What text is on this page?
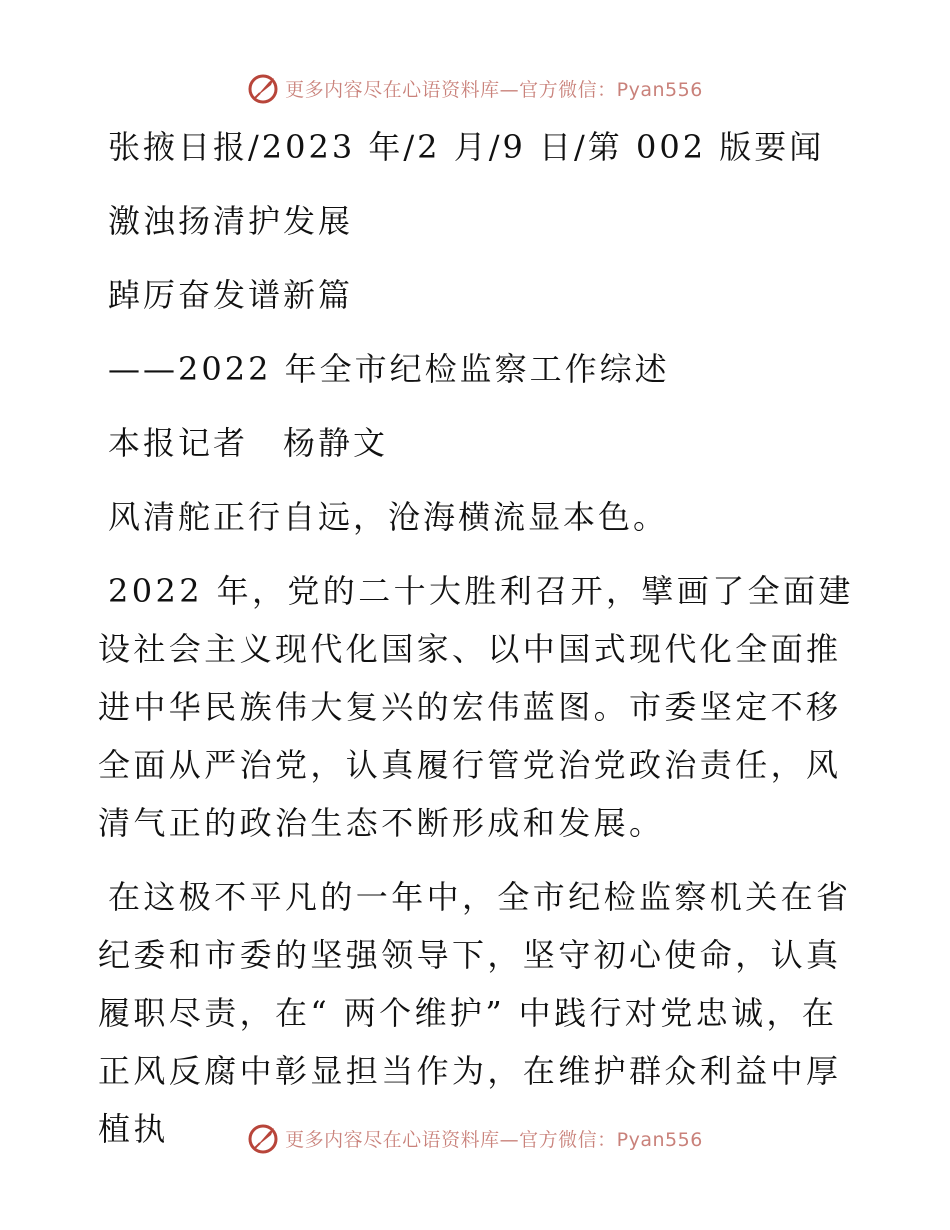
更多内容尽在心语资料库—官方微信：Pyan556
张掖日报/2023 年/2 月/9 日/第 002 版要闻
激浊扬清护发展
踔厉奋发谱新篇
——2022 年全市纪检监察工作综述
本报记者　杨静文
风清舵正行自远，沧海横流显本色。

2022 年，党的二十大胜利召开，擘画了全面建设社会主义现代化国家、以中国式现代化全面推进中华民族伟大复兴的宏伟蓝图。市委坚定不移全面从严治党，认真履行管党治党政治责任，风清气正的政治生态不断形成和发展。

在这极不平凡的一年中，全市纪检监察机关在省纪委和市委的坚强领导下，坚守初心使命，认真履职尽责，在“ 两个维护” 中践行对党忠诚，在正风反腐中彰显担当作为，在维护群众利益中厚植执	更多内容尽在心语资料库—官方微信：Pyan556
